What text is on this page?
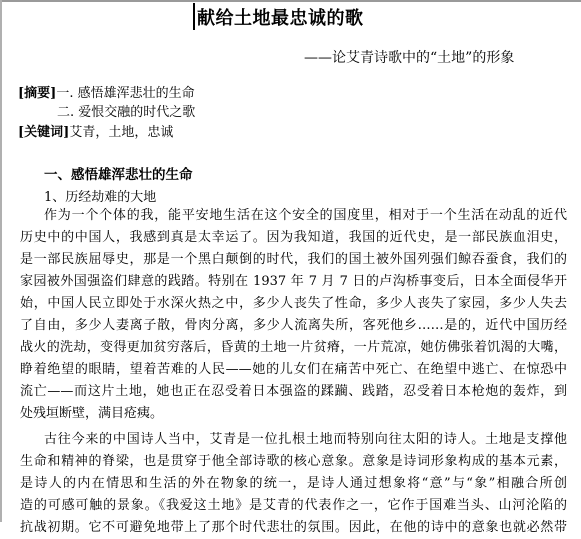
献给土地最忠诚的歌
——论艾青诗歌中的“土地”的形象
[摘要]一. 感悟雄浑悲壮的生命
二. 爱恨交融的时代之歌
[关键词]艾青，土地，忠诚
一、感悟雄浑悲壮的生命
1、历经劫难的大地
作为一个个体的我，能平安地生活在这个安全的国度里，相对于一个生活在动乱的近代
历史中的中国人，我感到真是太幸运了。因为我知道，我国的近代史，是一部民族血泪史，
是一部民族屈辱史，那是一个黑白颠倒的时代，我们的国土被外国列强们鲸吞蚕食，我们的
家园被外国强盗们肆意的践踏。特别在 1937 年 7 月 7 日的卢沟桥事变后，日本全面侵华开
始，中国人民立即处于水深火热之中，多少人丧失了性命，多少人丧失了家园，多少人失去
了自由，多少人妻离子散，骨肉分离，多少人流离失所，客死他乡……是的，近代中国历经
战火的洗劫，变得更加贫穷落后，昏黄的土地一片贫瘠，一片荒凉，她仿佛张着饥渴的大嘴，
睁着绝望的眼睛，望着苦难的人民——她的儿女们在痛苦中死亡、在绝望中逃亡、在惊恐中
流亡——而这片土地，她也正在忍受着日本强盗的蹂躏、践踏，忍受着日本枪炮的轰炸，到
处残垣断壁，满目疮痍。
古往今来的中国诗人当中，艾青是一位扎根土地而特别向往太阳的诗人。土地是支撑他
生命和精神的脊梁，也是贯穿于他全部诗歌的核心意象。意象是诗词形象构成的基本元素，
是诗人的内在情思和生活的外在物象的统一，是诗人通过想象将“意”与“象”相融合所创
造的可感可触的景象。《我爱这土地》是艾青的代表作之一，它作于国难当头、山河沦陷的
抗战初期。它不可避免地带上了那个时代悲壮的氛围。因此，在他的诗中的意象也就必然带
